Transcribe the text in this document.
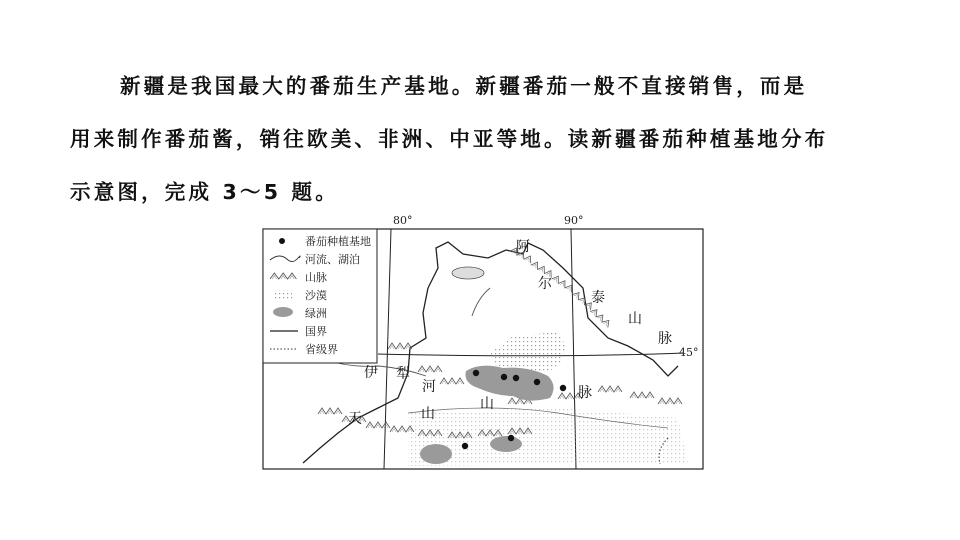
新疆是我国最大的番茄生产基地。新疆番茄一般不直接销售，而是

用来制作番茄酱，销往欧美、非洲、中亚等地。读新疆番茄种植基地分布

示意图，完成 3～5 题。

80°	90°
45°
阿
尔
泰
山
脉
伊 犁
河
天	山
山
脉
番茄种植基地
河流、湖泊
山脉
沙漠
绿洲
国界
省级界
